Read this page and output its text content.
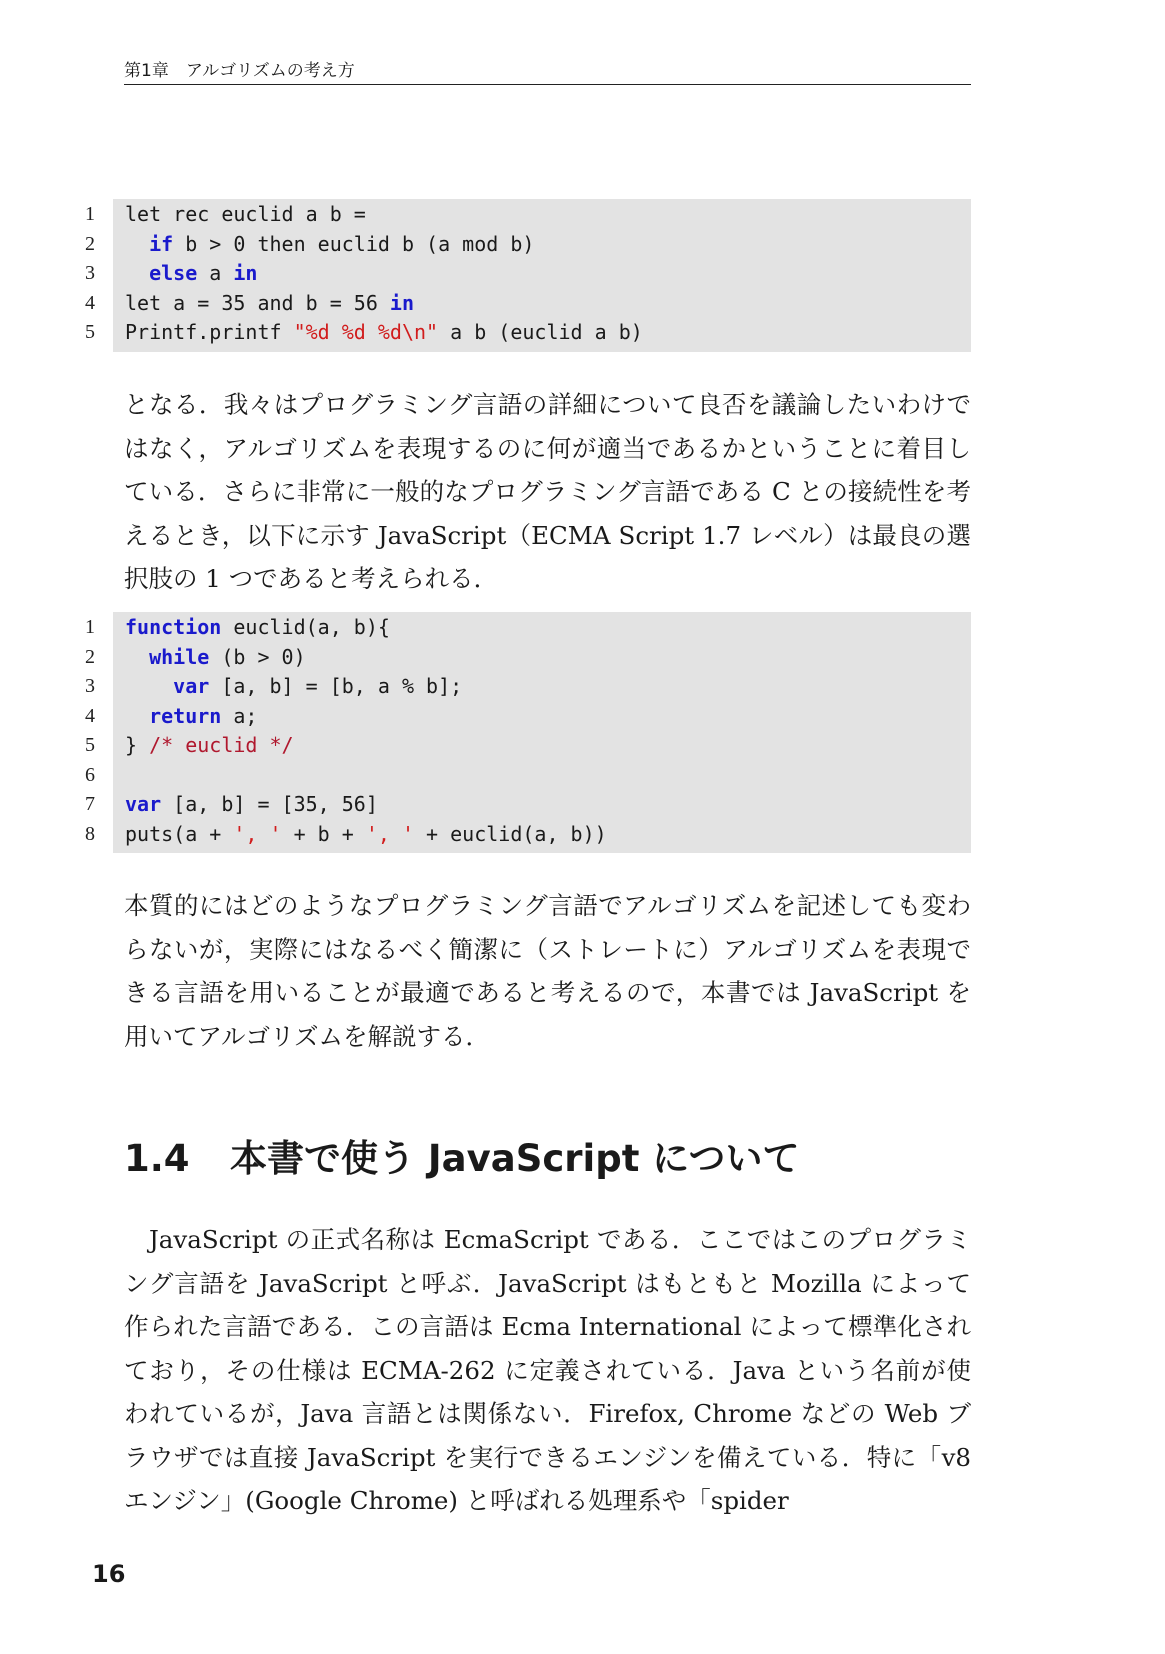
第1章　アルゴリズムの考え方
1 let rec euclid a b =
2	if b > 0 then euclid b (a mod b)
3	else a in
4 let a = 35 and b = 56 in
5 Printf.printf "%d %d %d\n" a b (euclid a b)

となる．我々はプログラミング言語の詳細について良否を議論したいわけではなく，アルゴリズムを表現するのに何が適当であるかということに着目している．さらに非常に一般的なプログラミング言語である C との接続性を考えるとき，以下に示す JavaScript（ECMA Script 1.7 レベル）は最良の選択肢の 1 つであると考えられる．

1 function euclid(a, b){
2	while (b > 0)
3	var [a, b] = [b, a % b];
4	return a;
5 } /* euclid */
6
7 var [a, b] = [35, 56]
8 puts(a + ', ' + b + ', ' + euclid(a, b))

本質的にはどのようなプログラミング言語でアルゴリズムを記述しても変わらないが，実際にはなるべく簡潔に（ストレートに）アルゴリズムを表現できる言語を用いることが最適であると考えるので，本書では JavaScript を用いてアルゴリズムを解説する．

1.4 本書で使う JavaScript について

　JavaScript の正式名称は EcmaScript である．ここではこのプログラミング言語を JavaScript と呼ぶ．JavaScript はもともと Mozilla によって作られた言語である．この言語は Ecma International によって標準化されており，その仕様は ECMA-262 に定義されている．Java という名前が使われているが，Java 言語とは関係ない．Firefox, Chrome などの Web ブラウザでは直接 JavaScript を実行できるエンジンを備えている．特に「v8 エンジン」(Google Chrome) と呼ばれる処理系や「spider

16
